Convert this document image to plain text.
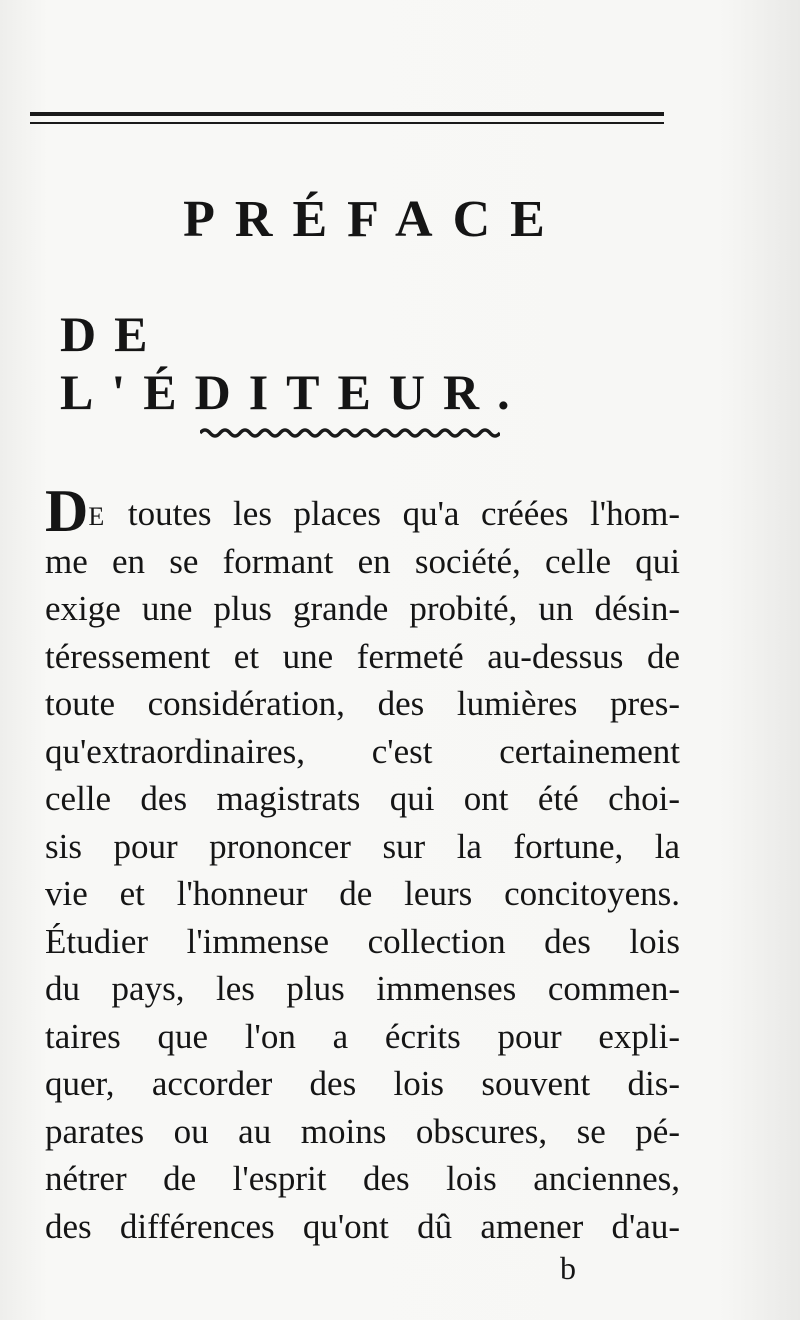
PRÉFACE
DE L'ÉDITEUR.
DE toutes les places qu'a créées l'hom-
me en se formant en société, celle qui
exige une plus grande probité, un désin-
téressement et une fermeté au-dessus de
toute considération, des lumières pres-
qu'extraordinaires, c'est certainement
celle des magistrats qui ont été choi-
sis pour prononcer sur la fortune, la
vie et l'honneur de leurs concitoyens.
Étudier l'immense collection des lois
du pays, les plus immenses commen-
taires que l'on a écrits pour expli-
quer, accorder des lois souvent dis-
parates ou au moins obscures, se pé-
nétrer de l'esprit des lois anciennes,
des différences qu'ont dû amener d'au-
b
